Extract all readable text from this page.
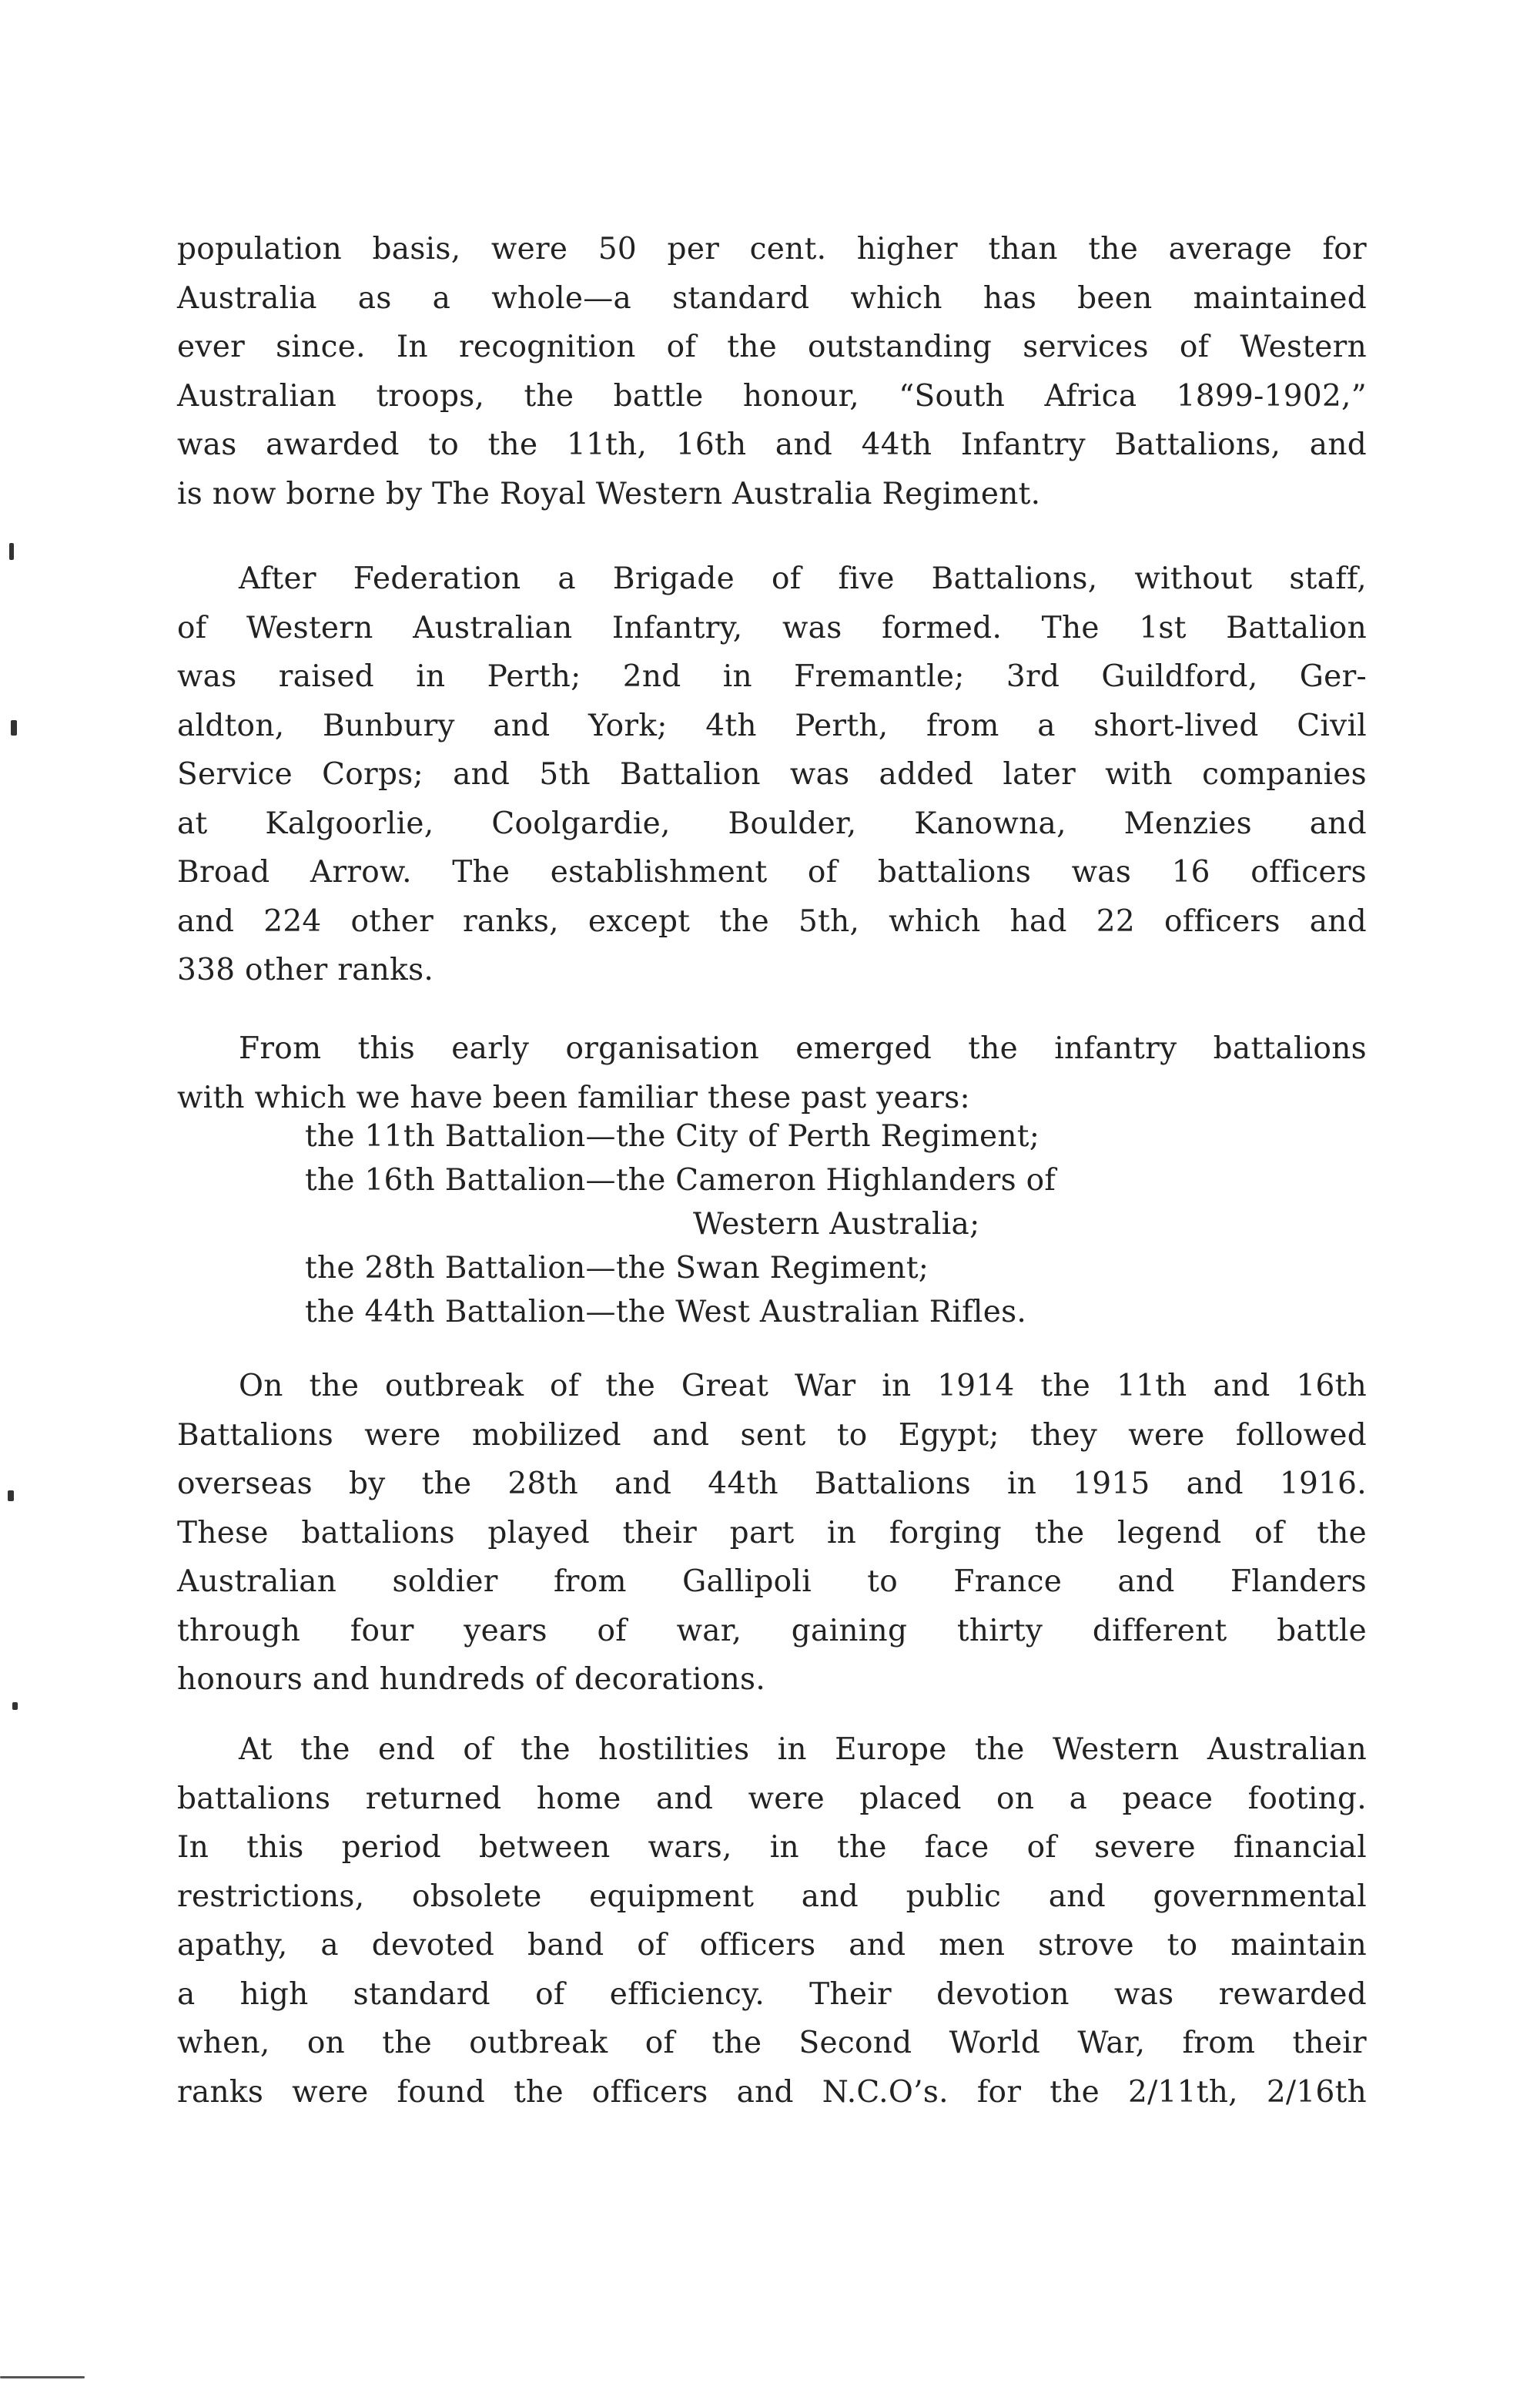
population basis, were 50 per cent. higher than the average for
Australia as a whole—a standard which has been maintained
ever since. In recognition of the outstanding services of Western
Australian troops, the battle honour, “South Africa 1899-1902,”
was awarded to the 11th, 16th and 44th Infantry Battalions, and
is now borne by The Royal Western Australia Regiment.
After Federation a Brigade of five Battalions, without staff,
of Western Australian Infantry, was formed. The 1st Battalion
was raised in Perth; 2nd in Fremantle; 3rd Guildford, Ger-
aldton, Bunbury and York; 4th Perth, from a short-lived Civil
Service Corps; and 5th Battalion was added later with companies
at Kalgoorlie, Coolgardie, Boulder, Kanowna, Menzies and
Broad Arrow. The establishment of battalions was 16 officers
and 224 other ranks, except the 5th, which had 22 officers and
338 other ranks.
From this early organisation emerged the infantry battalions
with which we have been familiar these past years:
the 11th Battalion—the City of Perth Regiment;
the 16th Battalion—the Cameron Highlanders of
Western Australia;
the 28th Battalion—the Swan Regiment;
the 44th Battalion—the West Australian Rifles.
On the outbreak of the Great War in 1914 the 11th and 16th
Battalions were mobilized and sent to Egypt; they were followed
overseas by the 28th and 44th Battalions in 1915 and 1916.
These battalions played their part in forging the legend of the
Australian soldier from Gallipoli to France and Flanders
through four years of war, gaining thirty different battle
honours and hundreds of decorations.
At the end of the hostilities in Europe the Western Australian
battalions returned home and were placed on a peace footing.
In this period between wars, in the face of severe financial
restrictions, obsolete equipment and public and governmental
apathy, a devoted band of officers and men strove to maintain
a high standard of efficiency. Their devotion was rewarded
when, on the outbreak of the Second World War, from their
ranks were found the officers and N.C.O’s. for the 2/11th, 2/16th
